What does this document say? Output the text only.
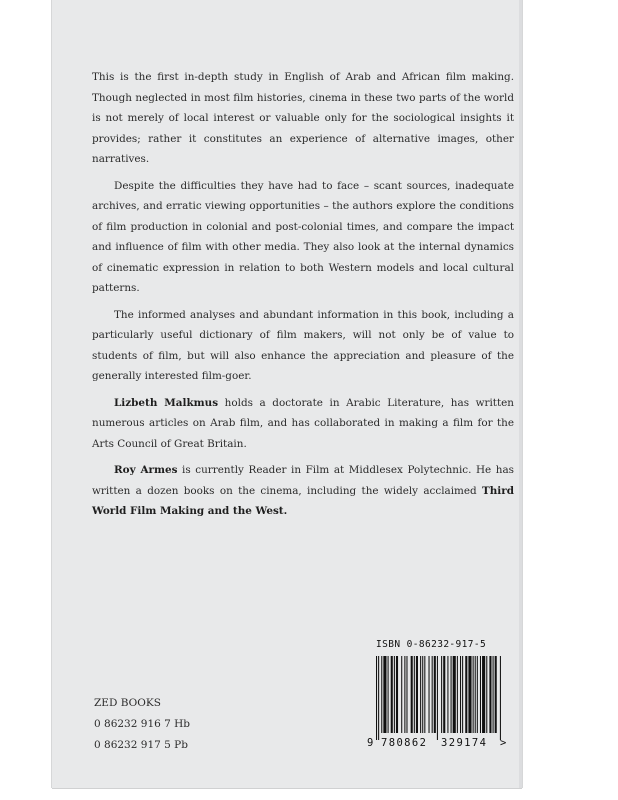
This is the first in-depth study in English of Arab and African film making. Though neglected in most film histories, cinema in these two parts of the world is not merely of local interest or valuable only for the sociological insights it provides; rather it constitutes an experience of alternative images, other narratives.

Despite the difficulties they have had to face – scant sources, inadequate archives, and erratic viewing opportunities – the authors explore the conditions of film production in colonial and post-colonial times, and compare the impact and influence of film with other media. They also look at the internal dynamics of cinematic expression in relation to both Western models and local cultural patterns.

The informed analyses and abundant information in this book, including a particularly useful dictionary of film makers, will not only be of value to students of film, but will also enhance the appreciation and pleasure of the generally interested film-goer.

Lizbeth Malkmus holds a doctorate in Arabic Literature, has written numerous articles on Arab film, and has collaborated in making a film for the Arts Council of Great Britain.

Roy Armes is currently Reader in Film at Middlesex Polytechnic. He has written a dozen books on the cinema, including the widely acclaimed Third World Film Making and the West.

ZED BOOKS
0 86232 916 7 Hb
0 86232 917 5 Pb
ISBN 0-86232-917-5
9 780862 329174 >
